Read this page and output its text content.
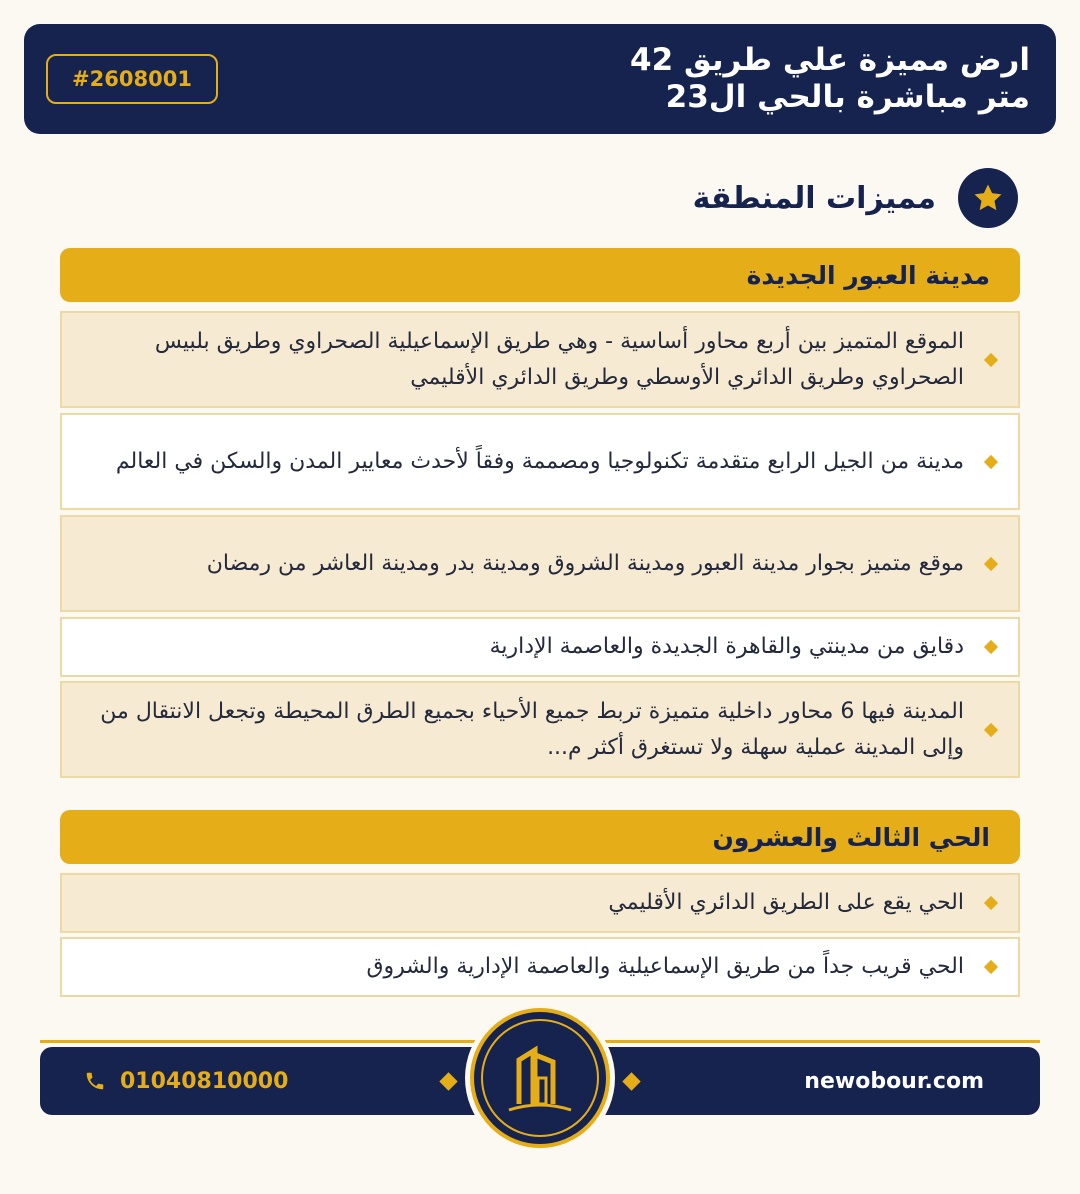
ارض مميزة علي طريق 42
متر مباشرة بالحي ال23
#2608001
مميزات المنطقة
مدينة العبور الجديدة
الموقع المتميز بين أربع محاور أساسية - وهي طريق الإسماعيلية الصحراوي وطريق بلبيس الصحراوي وطريق الدائري الأوسطي وطريق الدائري الأقليمي
مدينة من الجيل الرابع متقدمة تكنولوجيا ومصممة وفقاً لأحدث معايير المدن والسكن في العالم
موقع متميز بجوار مدينة العبور ومدينة الشروق ومدينة بدر ومدينة العاشر من رمضان
دقايق من مدينتي والقاهرة الجديدة والعاصمة الإدارية
المدينة فيها 6 محاور داخلية متميزة تربط جميع الأحياء بجميع الطرق المحيطة وتجعل الانتقال من وإلى المدينة عملية سهلة ولا تستغرق أكثر م...
الحي الثالث والعشرون
الحي يقع على الطريق الدائري الأقليمي
الحي قريب جداً من طريق الإسماعيلية والعاصمة الإدارية والشروق
01040810000	newobour.com
